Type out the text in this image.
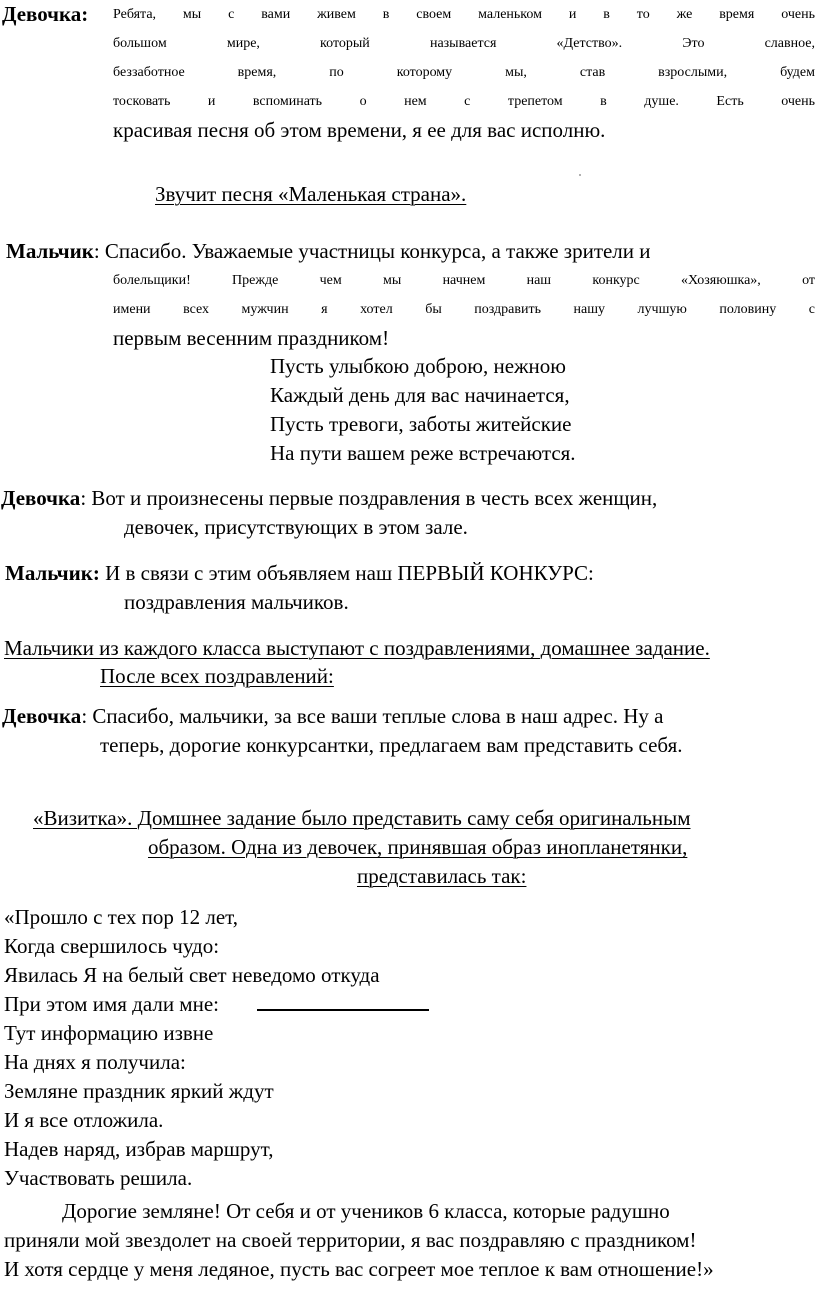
Девочка: Ребята, мы с вами живем в своем маленьком и в то же время очень
большом мире, который называется «Детство». Это славное,
беззаботное время, по которому мы, став взрослыми, будем
тосковать и вспоминать о нем с трепетом в душе. Есть очень
красивая песня об этом времени, я ее для вас исполню.
Звучит песня «Маленькая страна».
Мальчик: Спасибо. Уважаемые участницы конкурса, а также зрители и
болельщики! Прежде чем мы начнем наш конкурс «Хозяюшка», от
имени всех мужчин я хотел бы поздравить нашу лучшую половину с
первым весенним праздником!
Пусть улыбкою доброю, нежною
Каждый день для вас начинается,
Пусть тревоги, заботы житейские
На пути вашем реже встречаются.
Девочка: Вот и произнесены первые поздравления в честь всех женщин,
девочек, присутствующих в этом зале.
Мальчик: И в связи с этим объявляем наш ПЕРВЫЙ КОНКУРС:
поздравления мальчиков.
Мальчики из каждого класса выступают с поздравлениями, домашнее задание.
После всех поздравлений:
Девочка: Спасибо, мальчики, за все ваши теплые слова в наш адрес. Ну а
теперь, дорогие конкурсантки, предлагаем вам представить себя.
«Визитка». Домшнее задание было представить саму себя оригинальным
образом. Одна из девочек, принявшая образ инопланетянки,
представилась так:
«Прошло с тех пор 12 лет,
Когда свершилось чудо:
Явилась Я на белый свет неведомо откуда
При этом имя дали мне:
Тут информацию извне
На днях я получила:
Земляне праздник яркий ждут
И я все отложила.
Надев наряд, избрав маршрут,
Участвовать решила.
Дорогие земляне! От себя и от учеников 6 класса, которые радушно
приняли мой звездолет на своей территории, я вас поздравляю с праздником!
И хотя сердце у меня ледяное, пусть вас согреет мое теплое к вам отношение!»
